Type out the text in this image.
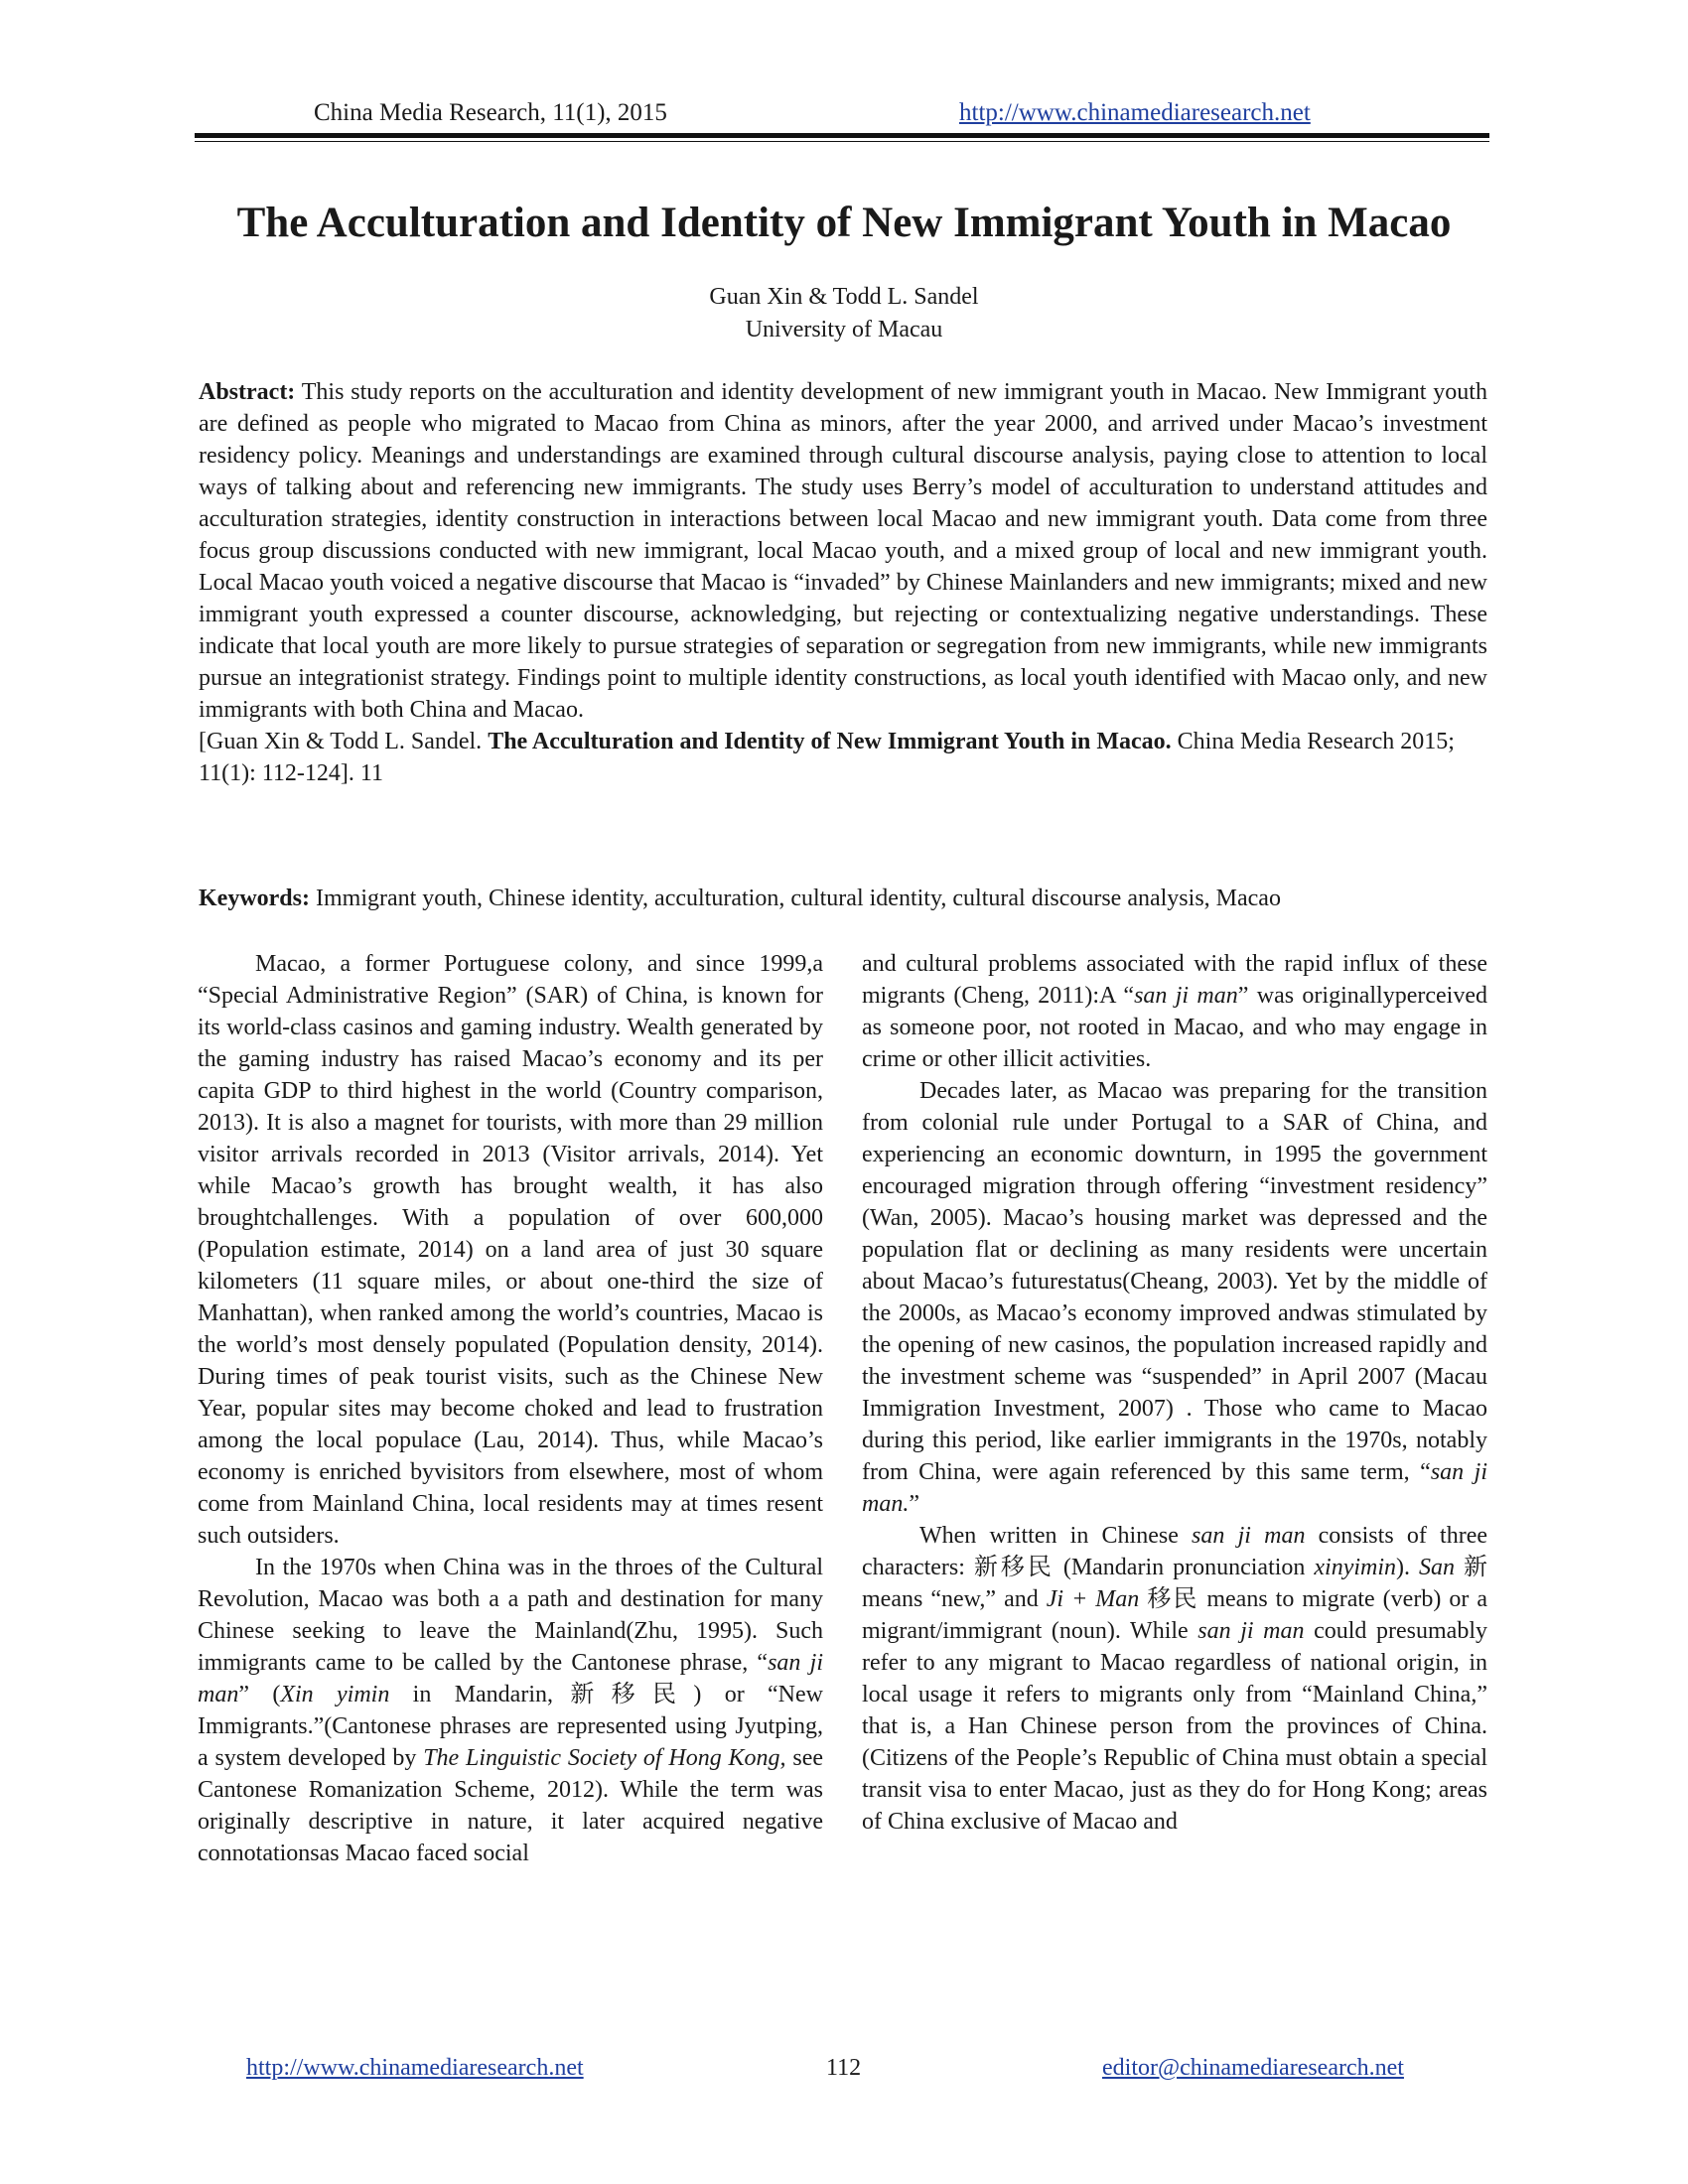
China Media Research, 11(1), 2015	http://www.chinamediaresearch.net
The Acculturation and Identity of New Immigrant Youth in Macao
Guan Xin & Todd L. Sandel
University of Macau
Abstract: This study reports on the acculturation and identity development of new immigrant youth in Macao. New Immigrant youth are defined as people who migrated to Macao from China as minors, after the year 2000, and arrived under Macao’s investment residency policy. Meanings and understandings are examined through cultural discourse analysis, paying close to attention to local ways of talking about and referencing new immigrants. The study uses Berry’s model of acculturation to understand attitudes and acculturation strategies, identity construction in interactions between local Macao and new immigrant youth. Data come from three focus group discussions conducted with new immigrant, local Macao youth, and a mixed group of local and new immigrant youth. Local Macao youth voiced a negative discourse that Macao is “invaded” by Chinese Mainlanders and new immigrants; mixed and new immigrant youth expressed a counter discourse, acknowledging, but rejecting or contextualizing negative understandings. These indicate that local youth are more likely to pursue strategies of separation or segregation from new immigrants, while new immigrants pursue an integrationist strategy. Findings point to multiple identity constructions, as local youth identified with Macao only, and new immigrants with both China and Macao.
[Guan Xin & Todd L. Sandel. The Acculturation and Identity of New Immigrant Youth in Macao. China Media Research 2015; 11(1): 112-124]. 11
Keywords: Immigrant youth, Chinese identity, acculturation, cultural identity, cultural discourse analysis, Macao

Macao, a former Portuguese colony, and since 1999,a “Special Administrative Region” (SAR) of China, is known for its world-class casinos and gaming industry. Wealth generated by the gaming industry has raised Macao’s economy and its per capita GDP to third highest in the world (Country comparison, 2013). It is also a magnet for tourists, with more than 29 million visitor arrivals recorded in 2013 (Visitor arrivals, 2014). Yet while Macao’s growth has brought wealth, it has also broughtchallenges. With a population of over 600,000 (Population estimate, 2014) on a land area of just 30 square kilometers (11 square miles, or about one-third the size of Manhattan), when ranked among the world’s countries, Macao is the world’s most densely populated (Population density, 2014). During times of peak tourist visits, such as the Chinese New Year, popular sites may become choked and lead to frustration among the local populace (Lau, 2014). Thus, while Macao’s economy is enriched byvisitors from elsewhere, most of whom come from Mainland China, local residents may at times resent such outsiders.

In the 1970s when China was in the throes of the Cultural Revolution, Macao was both a a path and destination for many Chinese seeking to leave the Mainland(Zhu, 1995). Such immigrants came to be called by the Cantonese phrase, “san ji man” (Xin yimin in Mandarin,新移民) or “New Immigrants.”(Cantonese phrases are represented using Jyutping, a system developed by The Linguistic Society of Hong Kong, see Cantonese Romanization Scheme, 2012). While the term was originally descriptive in nature, it later acquired negative connotationsas Macao faced social

and cultural problems associated with the rapid influx of these migrants (Cheng, 2011):A “san ji man” was originallyperceived as someone poor, not rooted in Macao, and who may engage in crime or other illicit activities.

Decades later, as Macao was preparing for the transition from colonial rule under Portugal to a SAR of China, and experiencing an economic downturn, in 1995 the government encouraged migration through offering “investment residency” (Wan, 2005). Macao’s housing market was depressed and the population flat or declining as many residents were uncertain about Macao’s futurestatus(Cheang, 2003). Yet by the middle of the 2000s, as Macao’s economy improved andwas stimulated by the opening of new casinos, the population increased rapidly and the investment scheme was “suspended” in April 2007 (Macau Immigration Investment, 2007) . Those who came to Macao during this period, like earlier immigrants in the 1970s, notably from China, were again referenced by this same term, “san ji man.”

When written in Chinese san ji man consists of three characters: 新移民 (Mandarin pronunciation xinyimin). San 新 means “new,” and Ji + Man 移民 means to migrate (verb) or a migrant/immigrant (noun). While san ji man could presumably refer to any migrant to Macao regardless of national origin, in local usage it refers to migrants only from “Mainland China,” that is, a Han Chinese person from the provinces of China. (Citizens of the People’s Republic of China must obtain a special transit visa to enter Macao, just as they do for Hong Kong; areas of China exclusive of Macao and

http://www.chinamediaresearch.net	112	editor@chinamediaresearch.net
